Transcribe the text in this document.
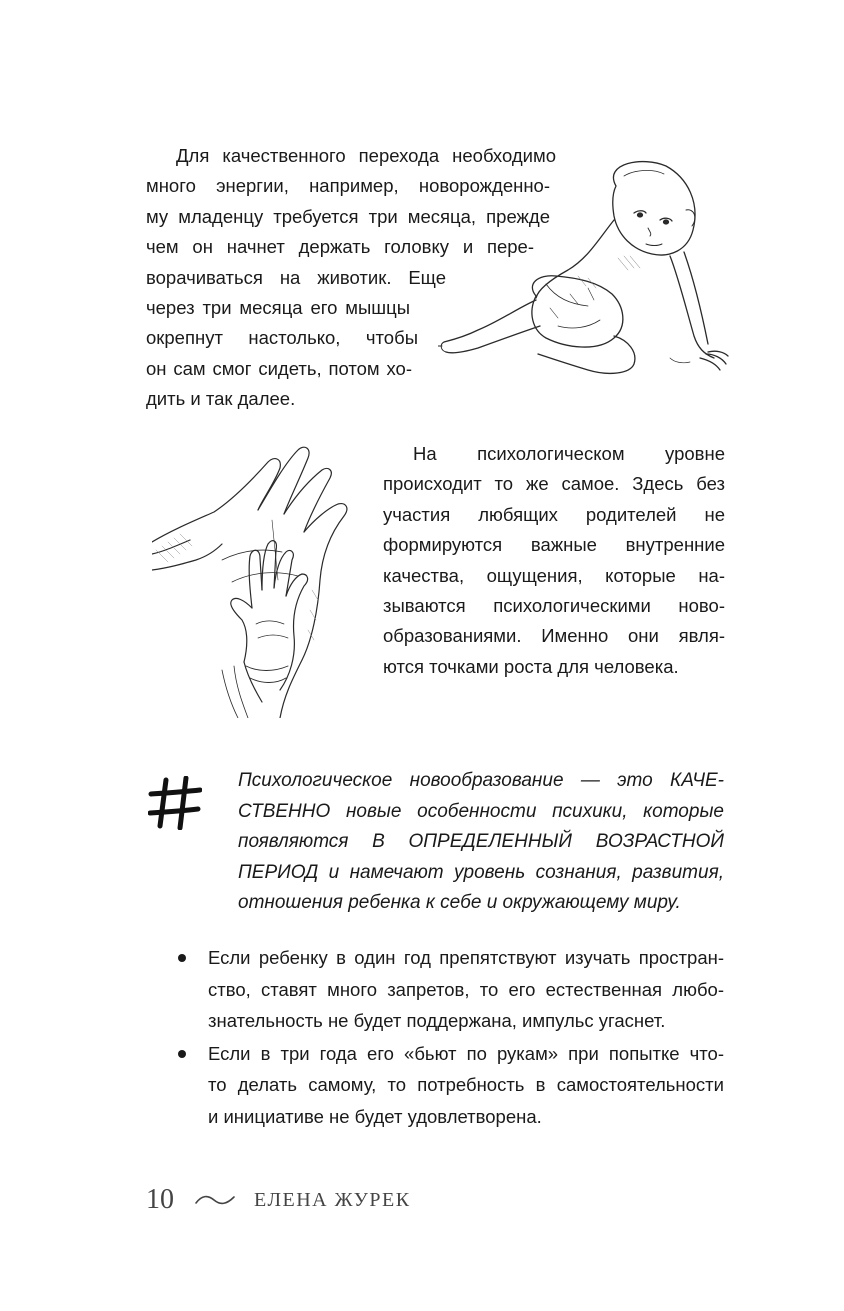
Для качественного перехода необходимо
много энергии, например, новорожденно-
му младенцу требуется три месяца, прежде
чем он начнет держать головку и пере-
ворачиваться на животик. Еще
через три месяца его мышцы
окрепнут настолько, чтобы
он сам смог сидеть, потом хо-
дить и так далее.
На психологическом уровне
происходит то же самое. Здесь без
участия любящих родителей не
формируются важные внутренние
качества, ощущения, которые на-
зываются психологическими ново-
образованиями. Именно они явля-
ются точками роста для человека.
Психологическое новообразование — это КАЧЕ-
СТВЕННО новые особенности психики, которые
появляются В ОПРЕДЕЛЕННЫЙ ВОЗРАСТНОЙ
ПЕРИОД и намечают уровень сознания, развития,
отношения ребенка к себе и окружающему миру.
Если ребенку в один год препятствуют изучать простран-
ство, ставят много запретов, то его естественная любо-
знательность не будет поддержана, импульс угаснет.
Если в три года его «бьют по рукам» при попытке что-
то делать самому, то потребность в самостоятельности
и инициативе не будет удовлетворена.
10	ЕЛЕНА ЖУРЕК
